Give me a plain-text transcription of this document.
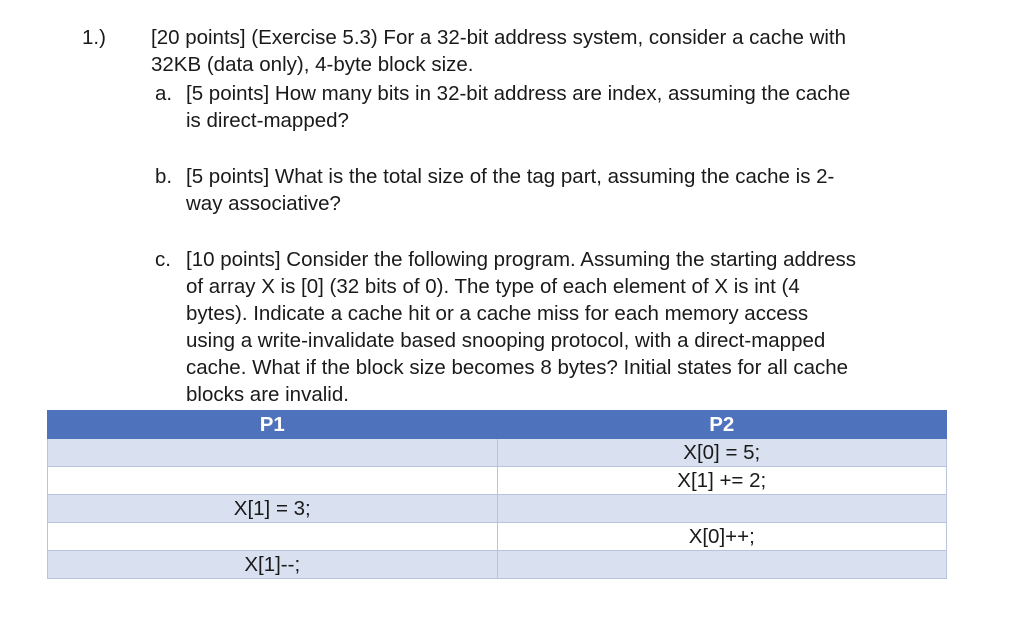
1.) [20 points] (Exercise 5.3) For a 32-bit address system, consider a cache with
32KB (data only), 4-byte block size.
a. [5 points] How many bits in 32-bit address are index, assuming the cache
is direct-mapped?
b. [5 points] What is the total size of the tag part, assuming the cache is 2-
way associative?
c. [10 points] Consider the following program. Assuming the starting address
of array X is [0] (32 bits of 0). The type of each element of X is int (4
bytes). Indicate a cache hit or a cache miss for each memory access
using a write-invalidate based snooping protocol, with a direct-mapped
cache. What if the block size becomes 8 bytes? Initial states for all cache
blocks are invalid.
P1	P2
	X[0] = 5;
	X[1] += 2;
X[1] = 3;	
	X[0]++;
X[1]--;	
